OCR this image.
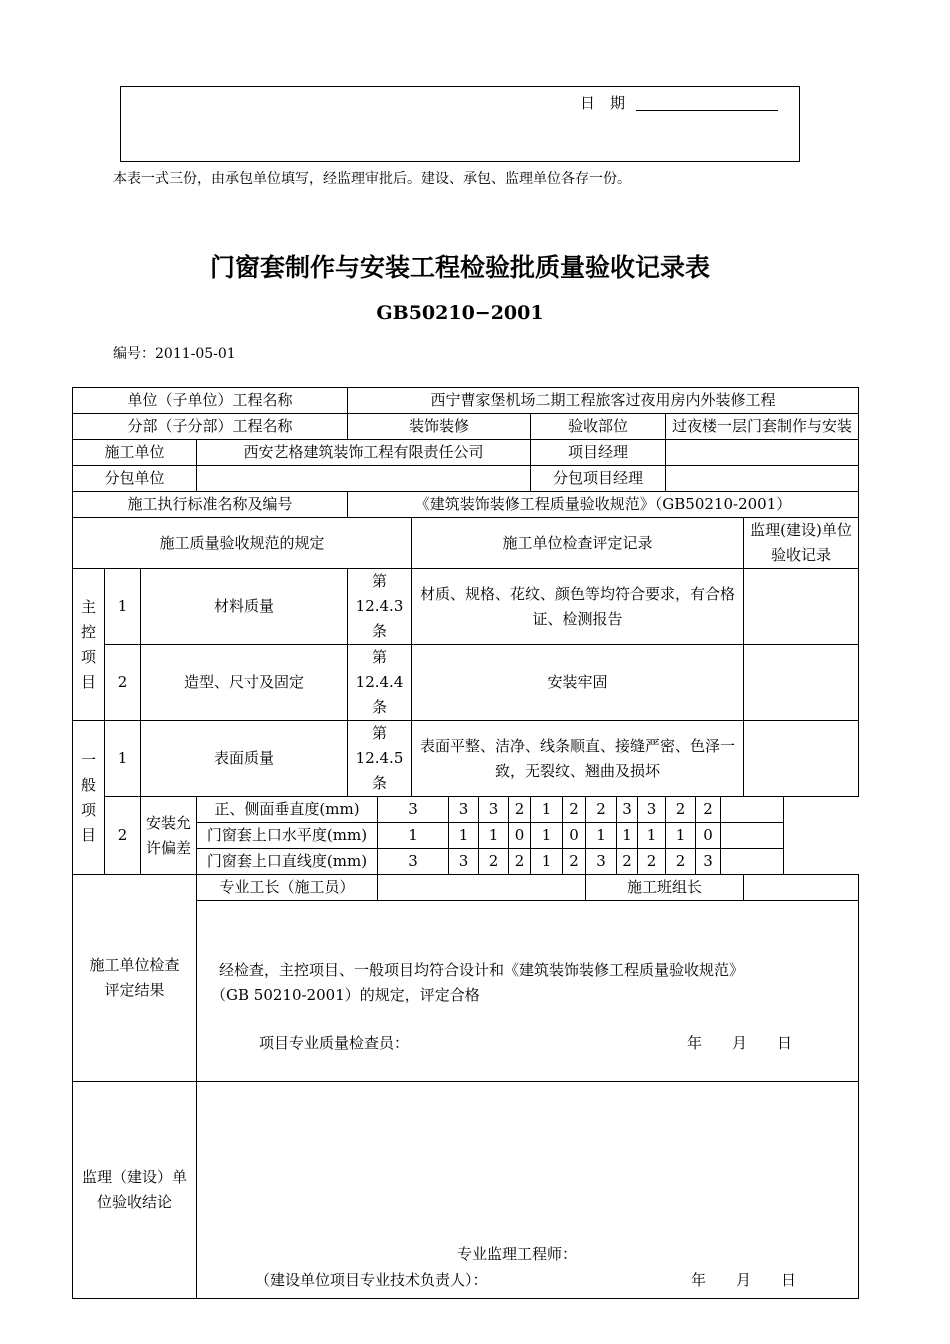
日　期
本表一式三份，由承包单位填写，经监理审批后。建设、承包、监理单位各存一份。
门窗套制作与安装工程检验批质量验收记录表
GB50210−2001
编号：2011-05-01
单位（子单位）工程名称				西宁曹家堡机场二期工程旅客过夜用房内外装修工程														
分部（子分部）工程名称				装饰装修						验收部位					过夜楼一层门套制作与安装			
施工单位			西安艺格建筑装饰工程有限责任公司							项目经理								
分包单位										分包项目经理								
施工执行标准名称及编号				《建筑装饰装修工程质量验收规范》（GB50210-2001）														
施工质量验收规范的规定						施工单位检查评定记录												监理(建设)单位验收记录
主控项目	1	材料质量		第 12.4.3 条		材质、规格、花纹、颜色等均符合要求，有合格证、检测报告												
	2	造型、尺寸及固定		第 12.4.4 条		安装牢固												
一般项目	1	表面质量		第 12.4.5 条		表面平整、洁净、线条顺直、接缝严密、色泽一致，无裂纹、翘曲及损坏												
	2	安装允许偏差	正、侧面垂直度(mm)		3		3	3	2	1	2	2	3	3	2	2		
			门窗套上口水平度(mm)		1		1	1	0	1	0	1	1	1	1	0		
			门窗套上口直线度(mm)		3		3	2	2	1	2	3	2	2	2	3		

施工单位检查评定结果			专业工长（施工员）									施工班组长						

			经检查，主控项目、一般项目均符合设计和《建筑装饰装修工程质量验收规范》
（GB 50210-2001）的规定，评定合格
项目专业质量检查员： 年　　月　　日															

监理（建设）单位验收结论			专业监理工程师：
（建设单位项目专业技术负责人）： 年　　月　　日															
